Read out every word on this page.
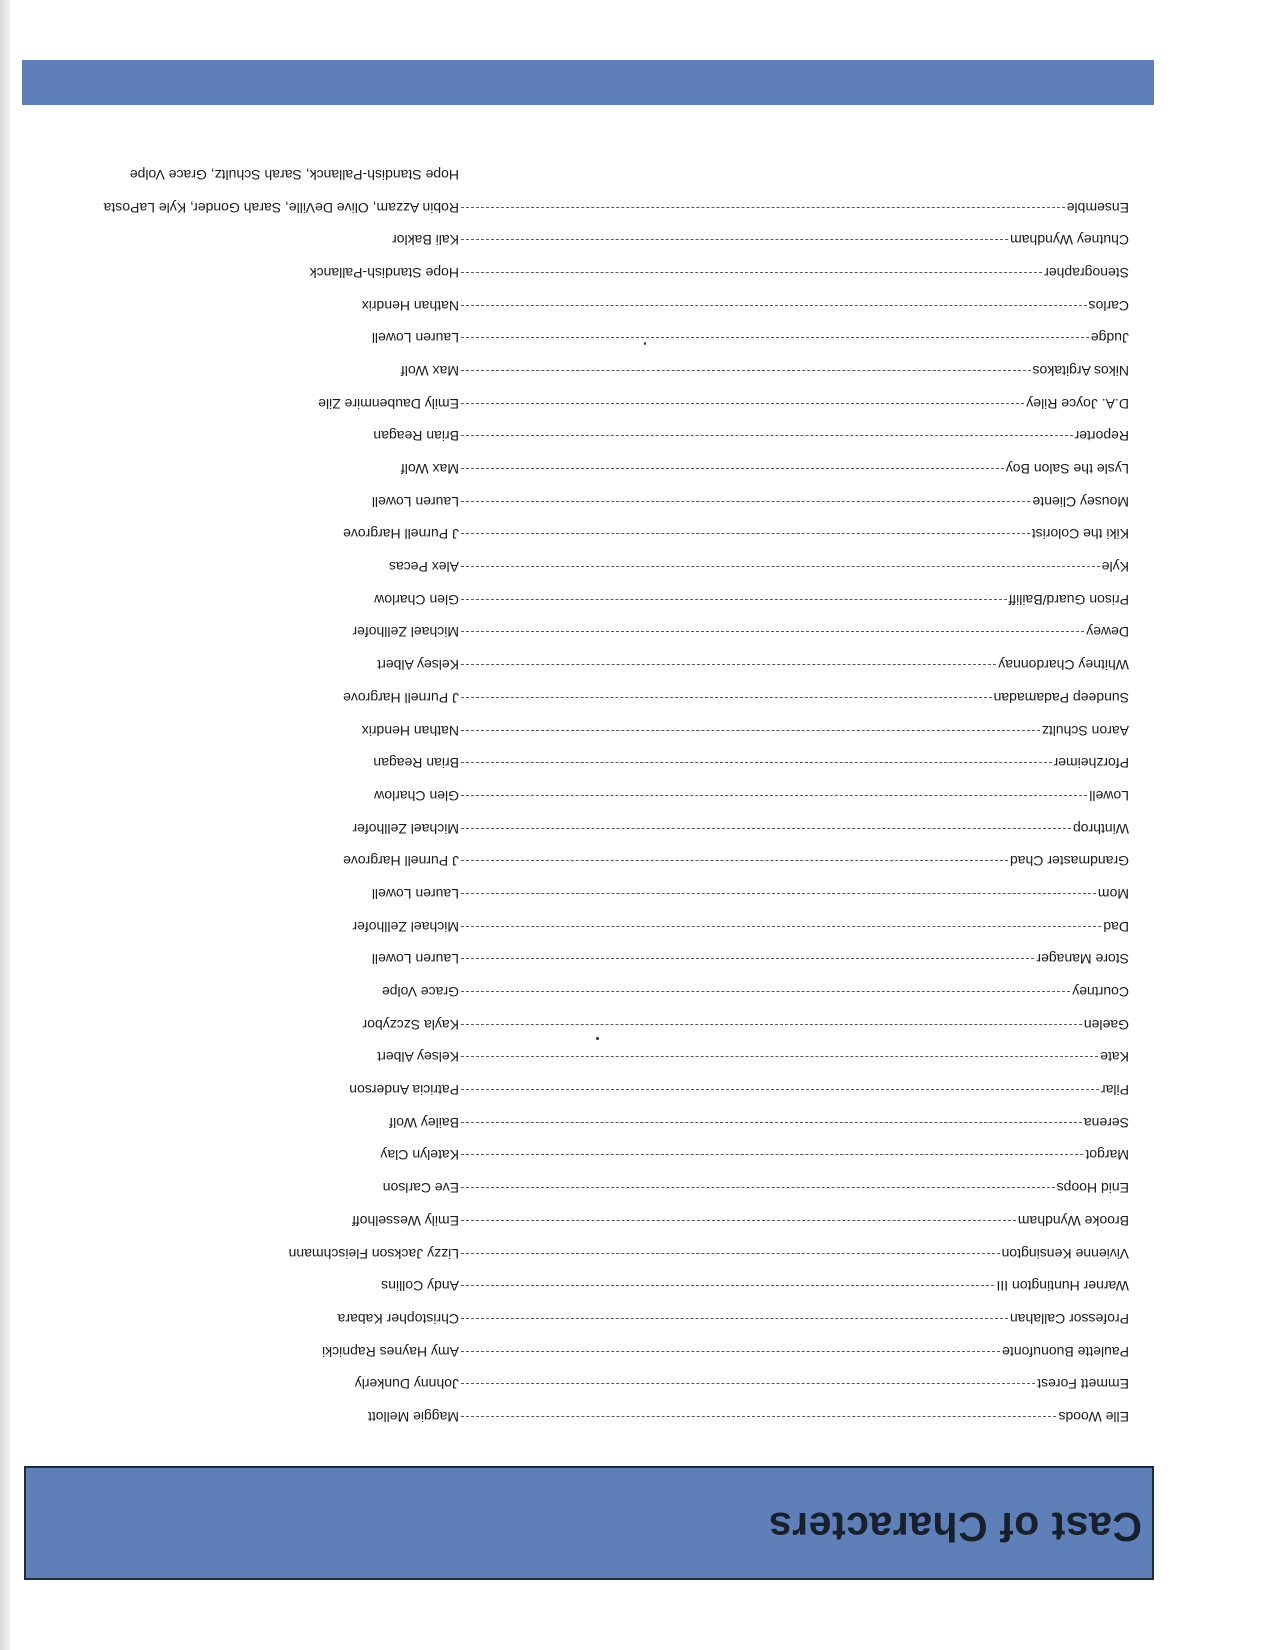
Cast of Characters
Elle Woods
Maggie Mellott
Emmett Forest
Johnny Dunkerly
Paulette Buonufonte
Amy Haynes Rapnicki
Professor Callahan
Christopher Kabara
Warner Huntington III
Andy Collins
Vivienne Kensington
Lizzy Jackson Fleischmann
Brooke Wyndham
Emily Wesselhoff
Enid Hoops
Eve Carlson
Margot
Katelyn Clay
Serena
Bailey Wolf
Pilar
Patricia Anderson
Kate
Kelsey Albert
Gaelen
Kayla Szczybor
Courtney
Grace Volpe
Store Manager
Lauren Lowell
Dad
Michael Zellhofer
Mom
Lauren Lowell
Grandmaster Chad
J Purnell Hargrove
Winthrop
Michael Zellhofer
Lowell
Glen Charlow
Pforzheimer
Brian Reagan
Aaron Schultz
Nathan Hendrix
Sundeep Padamadan
J Purnell Hargrove
Whitney Chardonnay
Kelsey Albert
Dewey
Michael Zellhofer
Prison Guard/Bailiff
Glen Charlow
Kyle
Alex Pecas
Kiki the Colorist
J Purnell Hargrove
Mousey Cliente
Lauren Lowell
Lysle the Salon Boy
Max Wolf
Reporter
Brian Reagan
D.A. Joyce Riley
Emily Daubenmire Zile
Nikos Argitakos
Max Wolf
Judge
Lauren Lowell
Carlos
Nathan Hendrix
Stenographer
Hope Standish-Pallanck
Chutney Wyndham
Kali Baklor
Ensemble
Robin Azzam, Olive DeVille, Sarah Gonder, Kyle LaPosta
Hope Standish-Pallanck, Sarah Schultz, Grace Volpe
